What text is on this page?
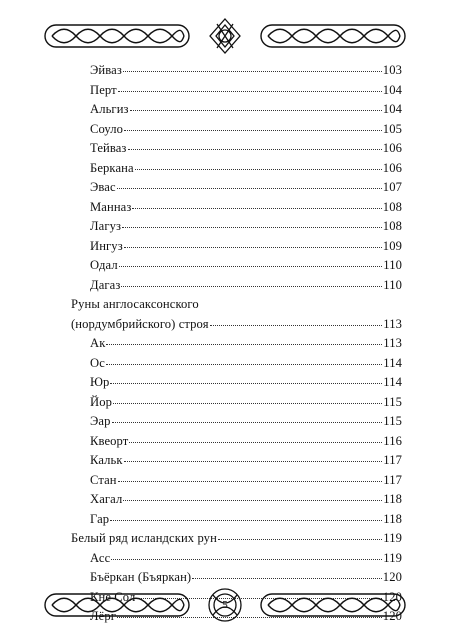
Эйваз	103
Перт	104
Альгиз	104
Соуло	105
Тейваз	106
Беркана	106
Эвас	107
Манназ	108
Лагуз	108
Ингуз	109
Одал	110
Дагаз	110
Руны англосаксонского
(нордумбрийского) строя	113
Ак	113
Ос	114
Юр	114
Йор	115
Эар	115
Квеорт	116
Кальк	117
Стан	117
Хагал	118
Гар	118
Белый ряд исландских рун	119
Асс	119
Бъёркан (Бъяркан)	120
Кне Сол	120
Лёрг	120
5
